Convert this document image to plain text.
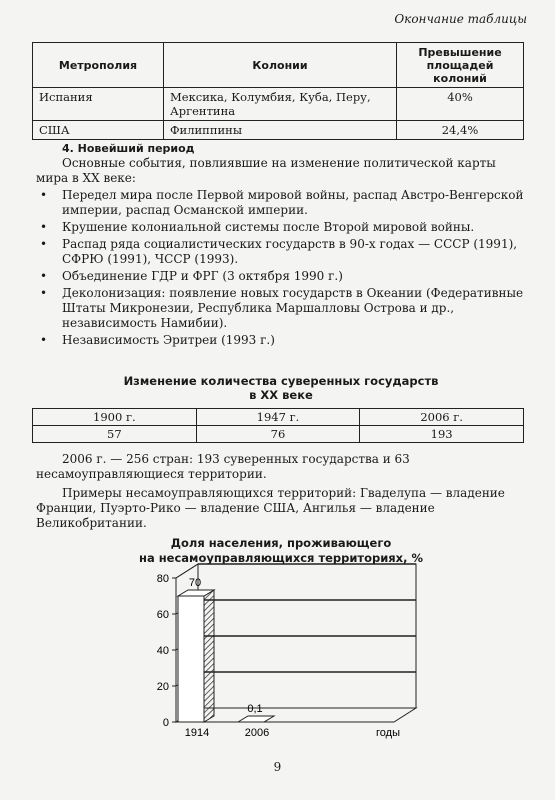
Окончание таблицы
Метрополия	Колонии	Превышение площадей колоний
Испания	Мексика, Колумбия, Куба, Перу, Аргентина	40%
США	Филиппины	24,4%
4. Новейший период
Основные события, повлиявшие на изменение политической карты мира в XX веке:
• Передел мира после Первой мировой войны, распад Австро-Венгерской империи, распад Османской империи.
• Крушение колониальной системы после Второй мировой войны.
• Распад ряда социалистических государств в 90-х годах — СССР (1991), СФРЮ (1991), ЧССР (1993).
• Объединение ГДР и ФРГ (3 октября 1990 г.)
• Деколонизация: появление новых государств в Океании (Федеративные Штаты Микронезии, Республика Маршалловы Острова и др., независимость Намибии).
• Независимость Эритреи (1993 г.)
Изменение количества суверенных государств
в XX веке
1900 г.	1947 г.	2006 г.
57	76	193
2006 г. — 256 стран: 193 суверенных государства и 63 несамоуправляющиеся территории.
Примеры несамоуправляющихся территорий: Гваделупа — владение Франции, Пуэрто-Рико — владение США, Ангилья — владение Великобритании.
Доля населения, проживающего
на несамоуправляющихся территориях, %
0
20
40
60
80 70
1914
0,1
2006	годы
9
